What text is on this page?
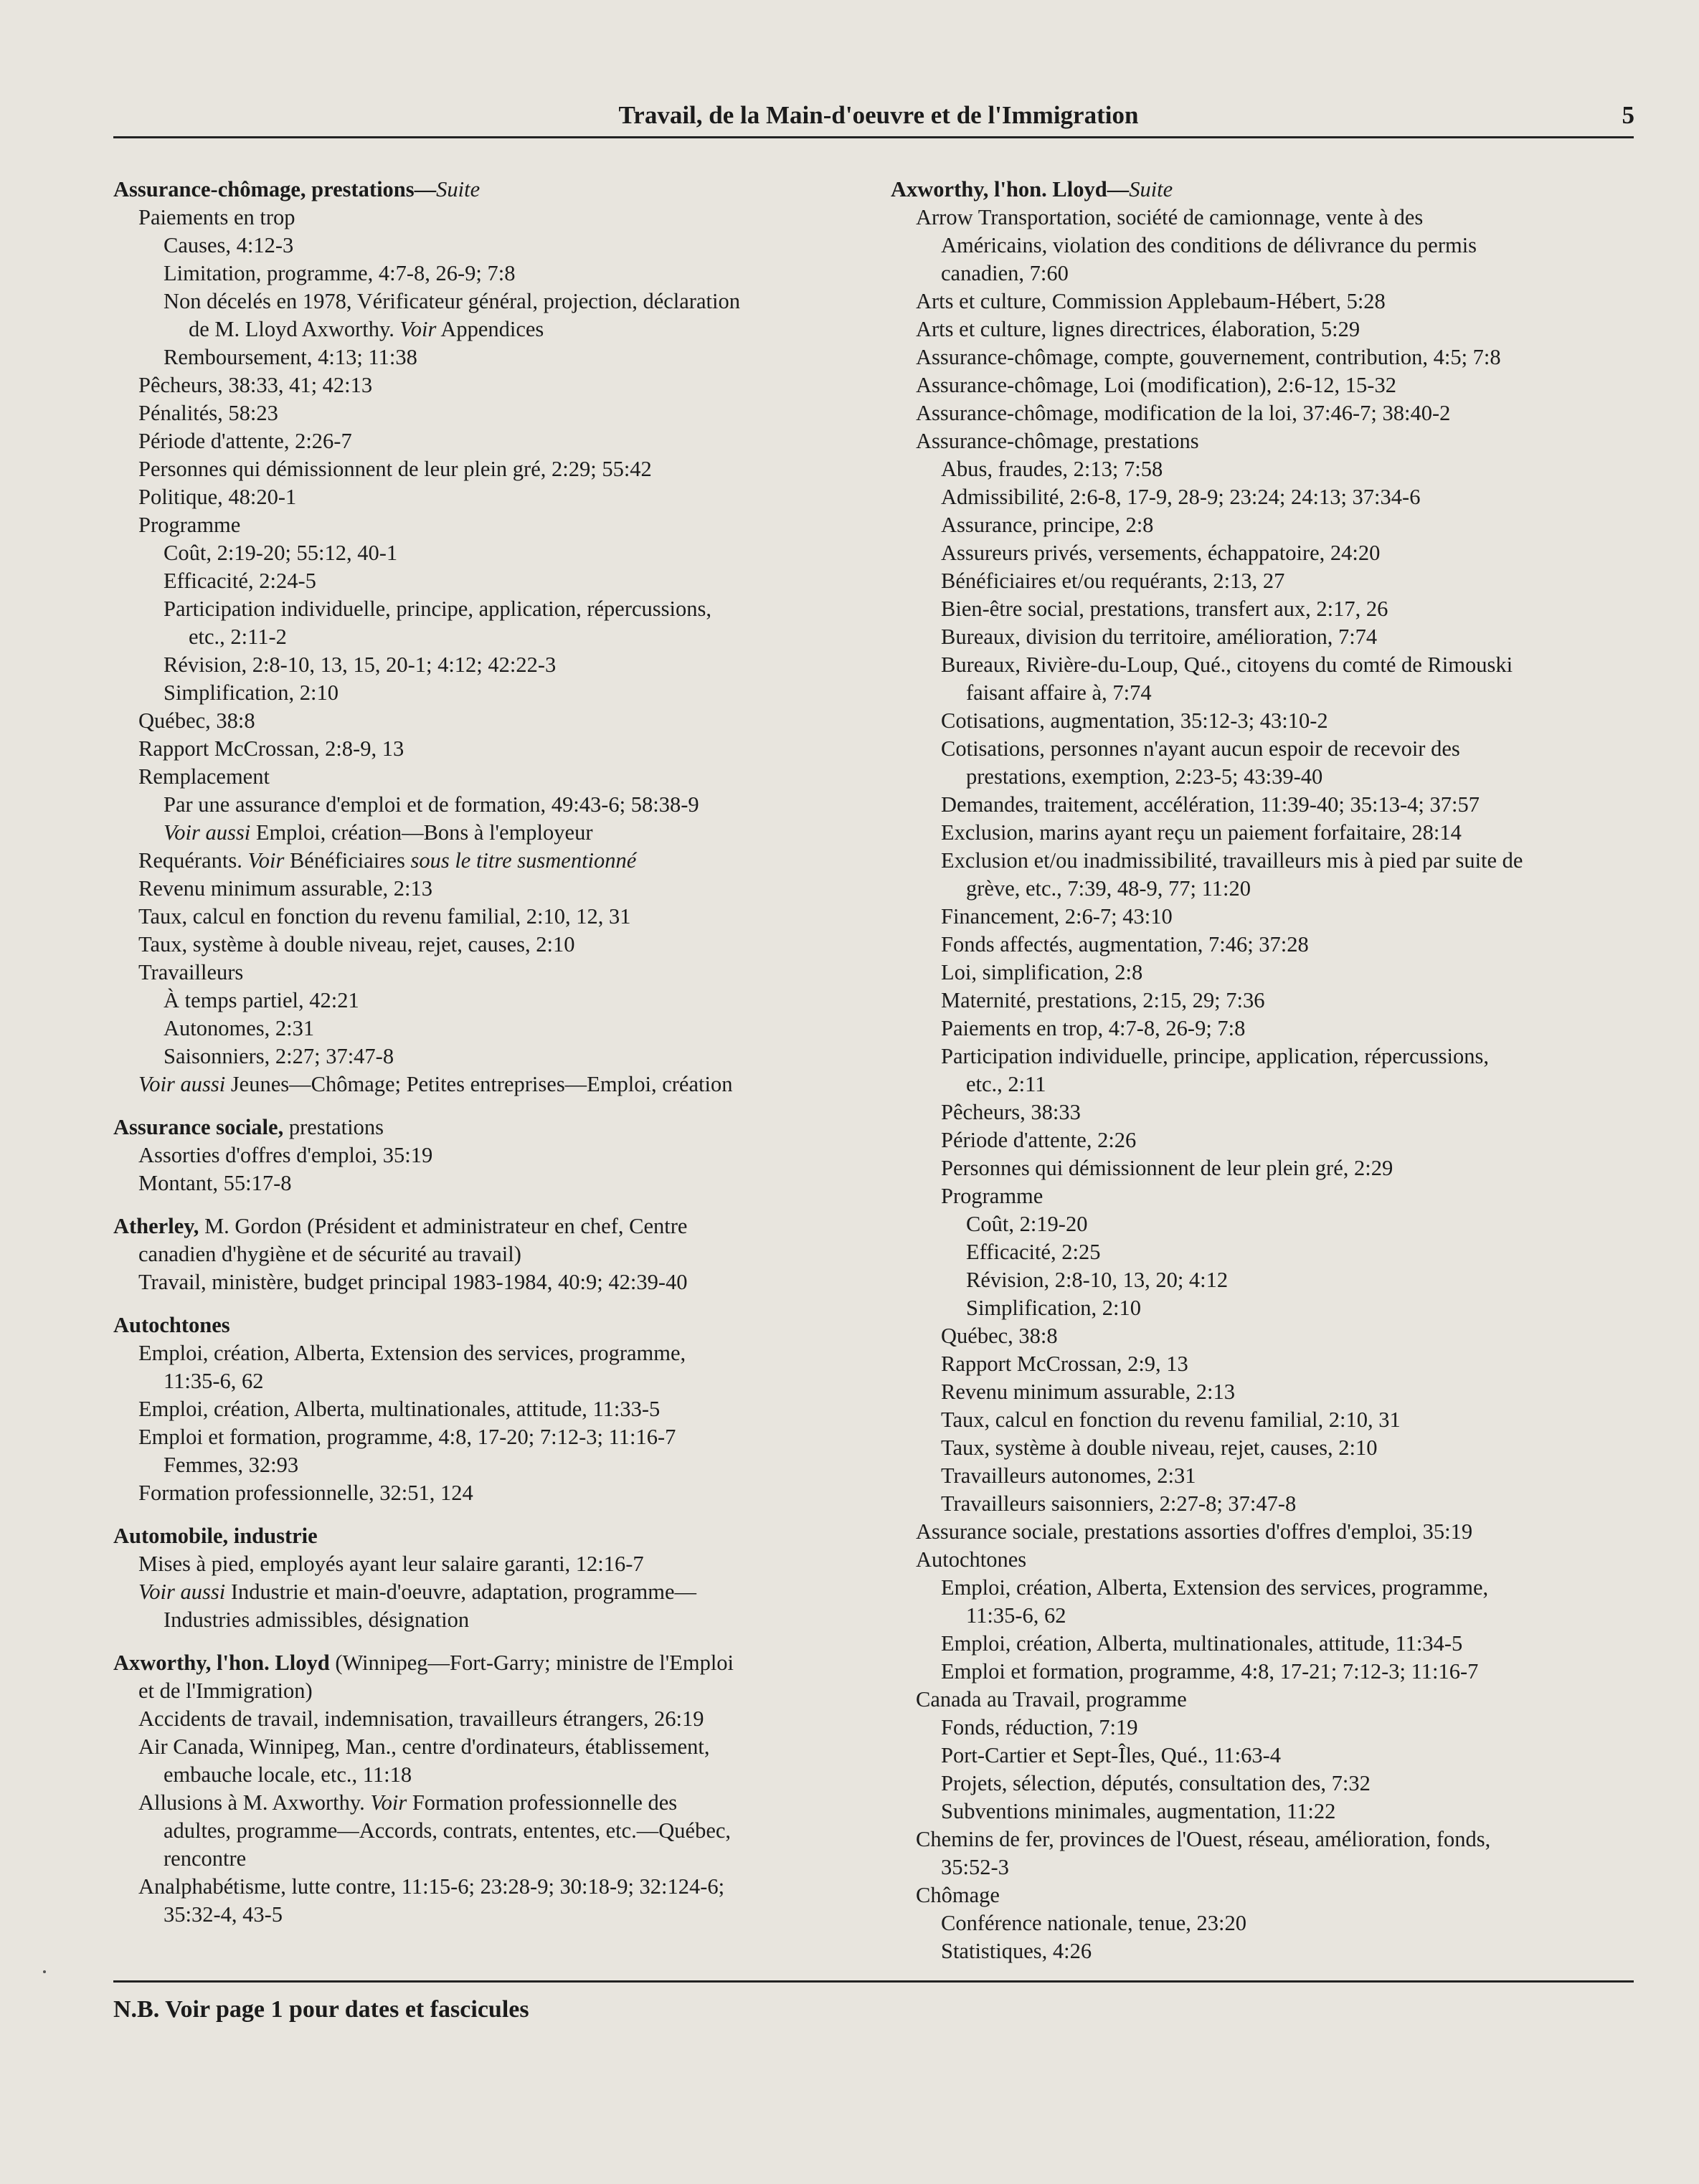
Travail, de la Main-d'oeuvre et de l'Immigration	5
Assurance-chômage, prestations—Suite
Paiements en trop
Causes, 4:12-3
Limitation, programme, 4:7-8, 26-9; 7:8
Non décelés en 1978, Vérificateur général, projection, déclaration
de M. Lloyd Axworthy. Voir Appendices
Remboursement, 4:13; 11:38
Pêcheurs, 38:33, 41; 42:13
Pénalités, 58:23
Période d'attente, 2:26-7
Personnes qui démissionnent de leur plein gré, 2:29; 55:42
Politique, 48:20-1
Programme
Coût, 2:19-20; 55:12, 40-1
Efficacité, 2:24-5
Participation individuelle, principe, application, répercussions,
etc., 2:11-2
Révision, 2:8-10, 13, 15, 20-1; 4:12; 42:22-3
Simplification, 2:10
Québec, 38:8
Rapport McCrossan, 2:8-9, 13
Remplacement
Par une assurance d'emploi et de formation, 49:43-6; 58:38-9
Voir aussi Emploi, création—Bons à l'employeur
Requérants. Voir Bénéficiaires sous le titre susmentionné
Revenu minimum assurable, 2:13
Taux, calcul en fonction du revenu familial, 2:10, 12, 31
Taux, système à double niveau, rejet, causes, 2:10
Travailleurs
À temps partiel, 42:21
Autonomes, 2:31
Saisonniers, 2:27; 37:47-8
Voir aussi Jeunes—Chômage; Petites entreprises—Emploi, création
Assurance sociale, prestations
Assorties d'offres d'emploi, 35:19
Montant, 55:17-8
Atherley, M. Gordon (Président et administrateur en chef, Centre
canadien d'hygiène et de sécurité au travail)
Travail, ministère, budget principal 1983-1984, 40:9; 42:39-40
Autochtones
Emploi, création, Alberta, Extension des services, programme,
11:35-6, 62
Emploi, création, Alberta, multinationales, attitude, 11:33-5
Emploi et formation, programme, 4:8, 17-20; 7:12-3; 11:16-7
Femmes, 32:93
Formation professionnelle, 32:51, 124
Automobile, industrie
Mises à pied, employés ayant leur salaire garanti, 12:16-7
Voir aussi Industrie et main-d'oeuvre, adaptation, programme—
Industries admissibles, désignation
Axworthy, l'hon. Lloyd (Winnipeg—Fort-Garry; ministre de l'Emploi
et de l'Immigration)
Accidents de travail, indemnisation, travailleurs étrangers, 26:19
Air Canada, Winnipeg, Man., centre d'ordinateurs, établissement,
embauche locale, etc., 11:18
Allusions à M. Axworthy. Voir Formation professionnelle des
adultes, programme—Accords, contrats, ententes, etc.—Québec,
rencontre
Analphabétisme, lutte contre, 11:15-6; 23:28-9; 30:18-9; 32:124-6;
35:32-4, 43-5
Axworthy, l'hon. Lloyd—Suite
Arrow Transportation, société de camionnage, vente à des
Américains, violation des conditions de délivrance du permis
canadien, 7:60
Arts et culture, Commission Applebaum-Hébert, 5:28
Arts et culture, lignes directrices, élaboration, 5:29
Assurance-chômage, compte, gouvernement, contribution, 4:5; 7:8
Assurance-chômage, Loi (modification), 2:6-12, 15-32
Assurance-chômage, modification de la loi, 37:46-7; 38:40-2
Assurance-chômage, prestations
Abus, fraudes, 2:13; 7:58
Admissibilité, 2:6-8, 17-9, 28-9; 23:24; 24:13; 37:34-6
Assurance, principe, 2:8
Assureurs privés, versements, échappatoire, 24:20
Bénéficiaires et/ou requérants, 2:13, 27
Bien-être social, prestations, transfert aux, 2:17, 26
Bureaux, division du territoire, amélioration, 7:74
Bureaux, Rivière-du-Loup, Qué., citoyens du comté de Rimouski
faisant affaire à, 7:74
Cotisations, augmentation, 35:12-3; 43:10-2
Cotisations, personnes n'ayant aucun espoir de recevoir des
prestations, exemption, 2:23-5; 43:39-40
Demandes, traitement, accélération, 11:39-40; 35:13-4; 37:57
Exclusion, marins ayant reçu un paiement forfaitaire, 28:14
Exclusion et/ou inadmissibilité, travailleurs mis à pied par suite de
grève, etc., 7:39, 48-9, 77; 11:20
Financement, 2:6-7; 43:10
Fonds affectés, augmentation, 7:46; 37:28
Loi, simplification, 2:8
Maternité, prestations, 2:15, 29; 7:36
Paiements en trop, 4:7-8, 26-9; 7:8
Participation individuelle, principe, application, répercussions,
etc., 2:11
Pêcheurs, 38:33
Période d'attente, 2:26
Personnes qui démissionnent de leur plein gré, 2:29
Programme
Coût, 2:19-20
Efficacité, 2:25
Révision, 2:8-10, 13, 20; 4:12
Simplification, 2:10
Québec, 38:8
Rapport McCrossan, 2:9, 13
Revenu minimum assurable, 2:13
Taux, calcul en fonction du revenu familial, 2:10, 31
Taux, système à double niveau, rejet, causes, 2:10
Travailleurs autonomes, 2:31
Travailleurs saisonniers, 2:27-8; 37:47-8
Assurance sociale, prestations assorties d'offres d'emploi, 35:19
Autochtones
Emploi, création, Alberta, Extension des services, programme,
11:35-6, 62
Emploi, création, Alberta, multinationales, attitude, 11:34-5
Emploi et formation, programme, 4:8, 17-21; 7:12-3; 11:16-7
Canada au Travail, programme
Fonds, réduction, 7:19
Port-Cartier et Sept-Îles, Qué., 11:63-4
Projets, sélection, députés, consultation des, 7:32
Subventions minimales, augmentation, 11:22
Chemins de fer, provinces de l'Ouest, réseau, amélioration, fonds,
35:52-3
Chômage
Conférence nationale, tenue, 23:20
Statistiques, 4:26
N.B. Voir page 1 pour dates et fascicules
